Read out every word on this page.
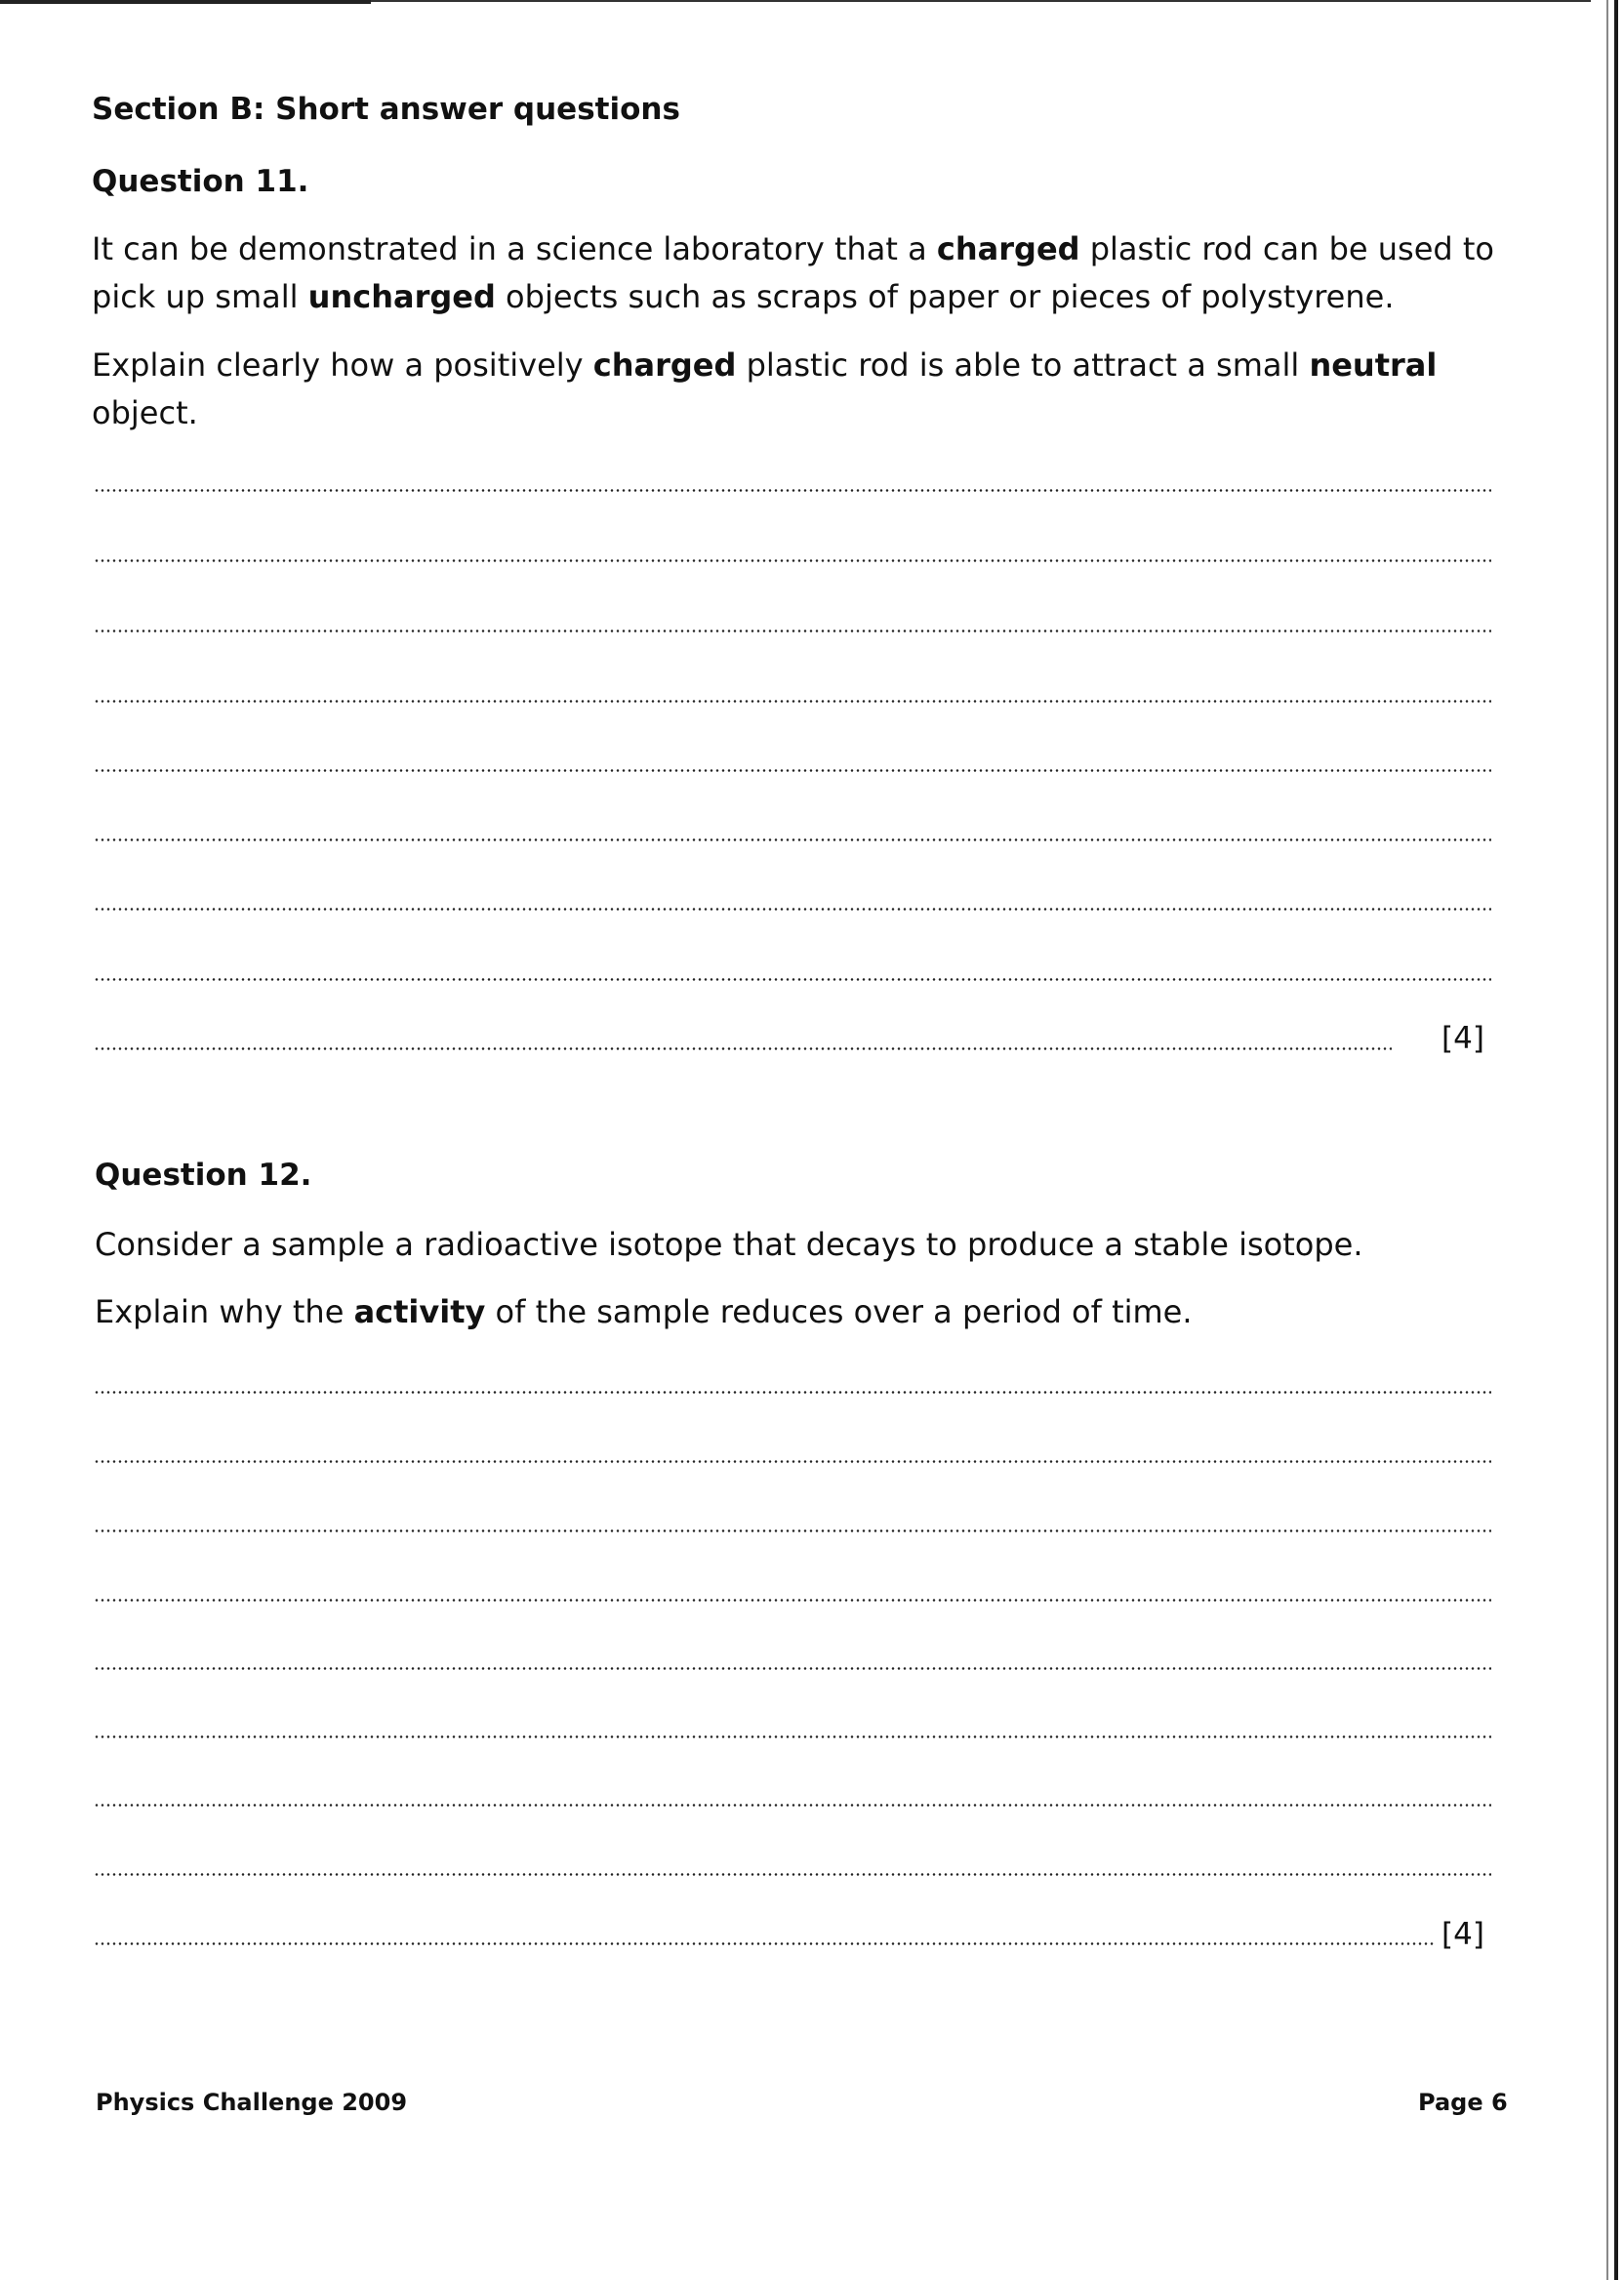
Section B: Short answer questions
Question 11.
It can be demonstrated in a science laboratory that a charged plastic rod can be used to pick up small uncharged objects such as scraps of paper or pieces of polystyrene.
Explain clearly how a positively charged plastic rod is able to attract a small neutral object.
[4]
Question 12.
Consider a sample a radioactive isotope that decays to produce a stable isotope.
Explain why the activity of the sample reduces over a period of time.
[4]
Physics Challenge 2009	Page 6
